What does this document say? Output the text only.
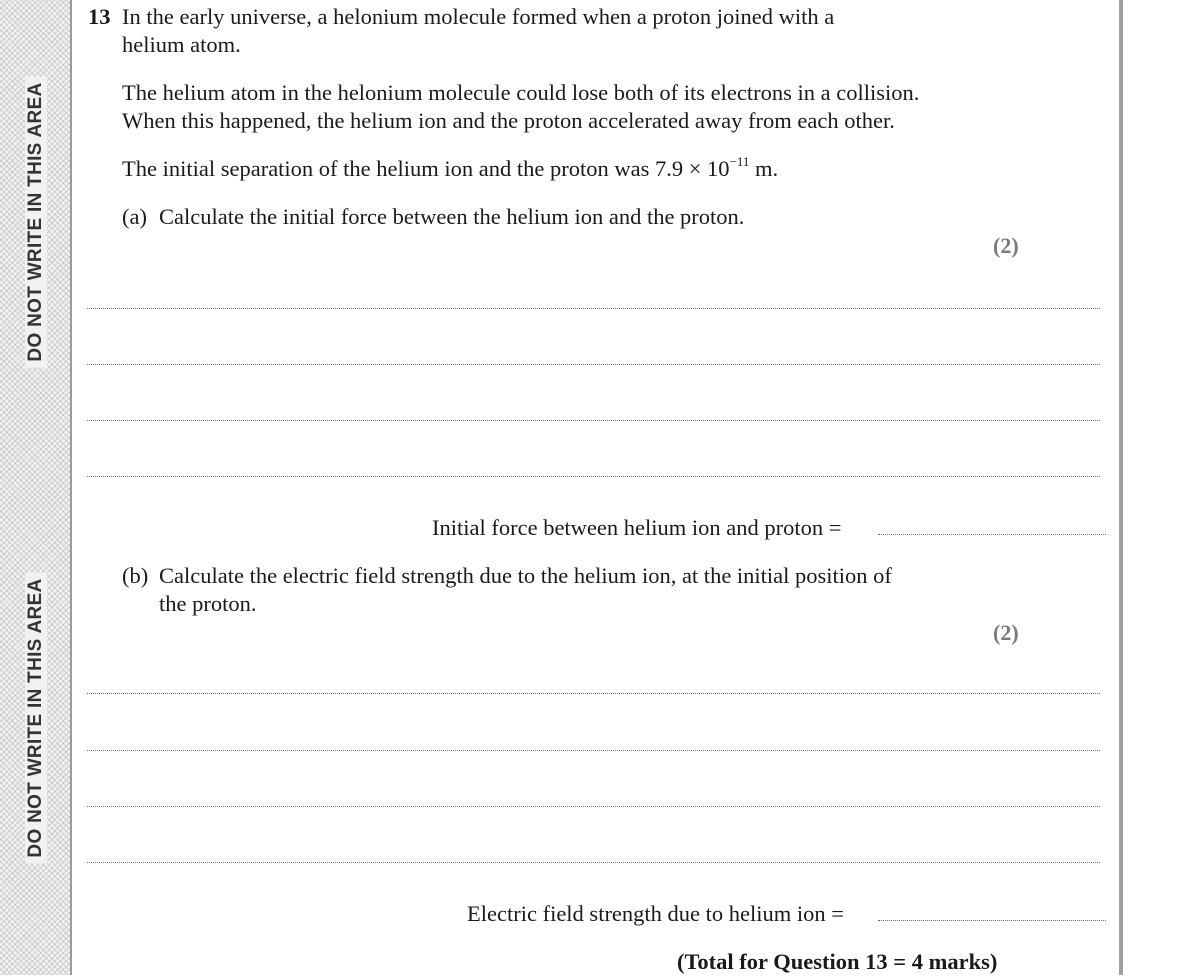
DO NOT WRITE IN THIS AREA
DO NOT WRITE IN THIS AREA
13 In the early universe, a helonium molecule formed when a proton joined with a
helium atom.
The helium atom in the helonium molecule could lose both of its electrons in a collision.
When this happened, the helium ion and the proton accelerated away from each other.
The initial separation of the helium ion and the proton was $7.9 \times 10^{-11}$ m.
(a) Calculate the initial force between the helium ion and the proton.
(2)
Initial force between helium ion and proton =
(b) Calculate the electric field strength due to the helium ion, at the initial position of
the proton.
(2)
Electric field strength due to helium ion =
(Total for Question 13 = 4 marks)
